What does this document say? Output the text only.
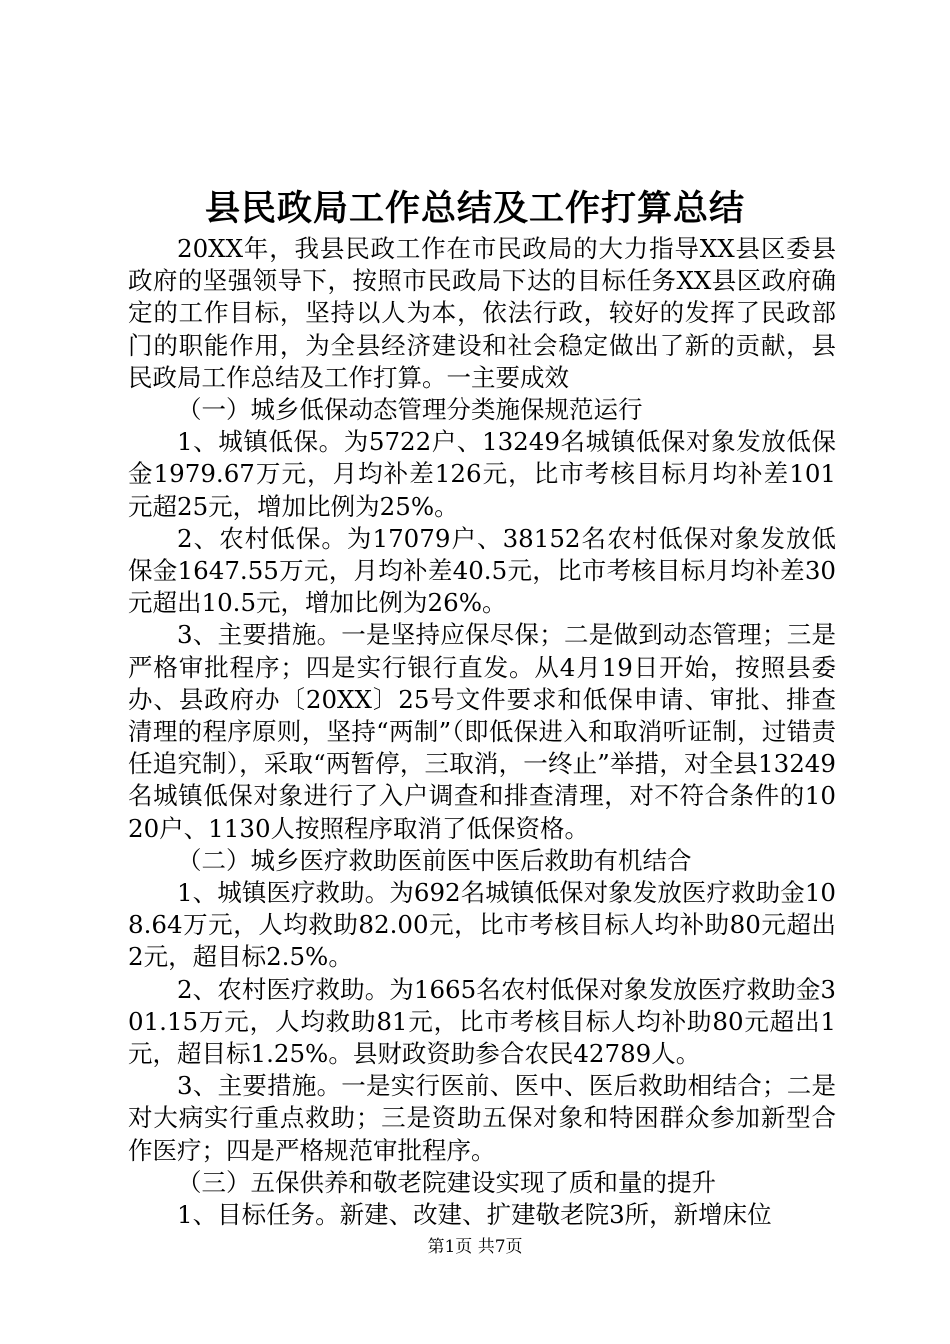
县民政局工作总结及工作打算总结

20XX年，我县民政工作在市民政局的大力指导XX县区委县政府的坚强领导下，按照市民政局下达的目标任务XX县区政府确定的工作目标，坚持以人为本，依法行政，较好的发挥了民政部门的职能作用，为全县经济建设和社会稳定做出了新的贡献，县民政局工作总结及工作打算。一主要成效

（一）城乡低保动态管理分类施保规范运行

1、城镇低保。为5722户、13249名城镇低保对象发放低保金1979.67万元，月均补差126元，比市考核目标月均补差101元超25元，增加比例为25%。

2、农村低保。为17079户、38152名农村低保对象发放低保金1647.55万元，月均补差40.5元，比市考核目标月均补差30元超出10.5元，增加比例为26%。

3、主要措施。一是坚持应保尽保；二是做到动态管理；三是严格审批程序；四是实行银行直发。从4月19日开始，按照县委办、县政府办〔20XX〕25号文件要求和低保申请、审批、排查清理的程序原则，坚持“两制”（即低保进入和取消听证制，过错责任追究制），采取“两暂停，三取消，一终止”举措，对全县13249名城镇低保对象进行了入户调查和排查清理，对不符合条件的1020户、1130人按照程序取消了低保资格。

（二）城乡医疗救助医前医中医后救助有机结合

1、城镇医疗救助。为692名城镇低保对象发放医疗救助金108.64万元，人均救助82.00元，比市考核目标人均补助80元超出2元，超目标2.5%。

2、农村医疗救助。为1665名农村低保对象发放医疗救助金301.15万元，人均救助81元，比市考核目标人均补助80元超出1元，超目标1.25%。县财政资助参合农民42789人。

3、主要措施。一是实行医前、医中、医后救助相结合；二是对大病实行重点救助；三是资助五保对象和特困群众参加新型合作医疗；四是严格规范审批程序。

（三）五保供养和敬老院建设实现了质和量的提升

1、目标任务。新建、改建、扩建敬老院3所，新增床位

第1页 共7页
